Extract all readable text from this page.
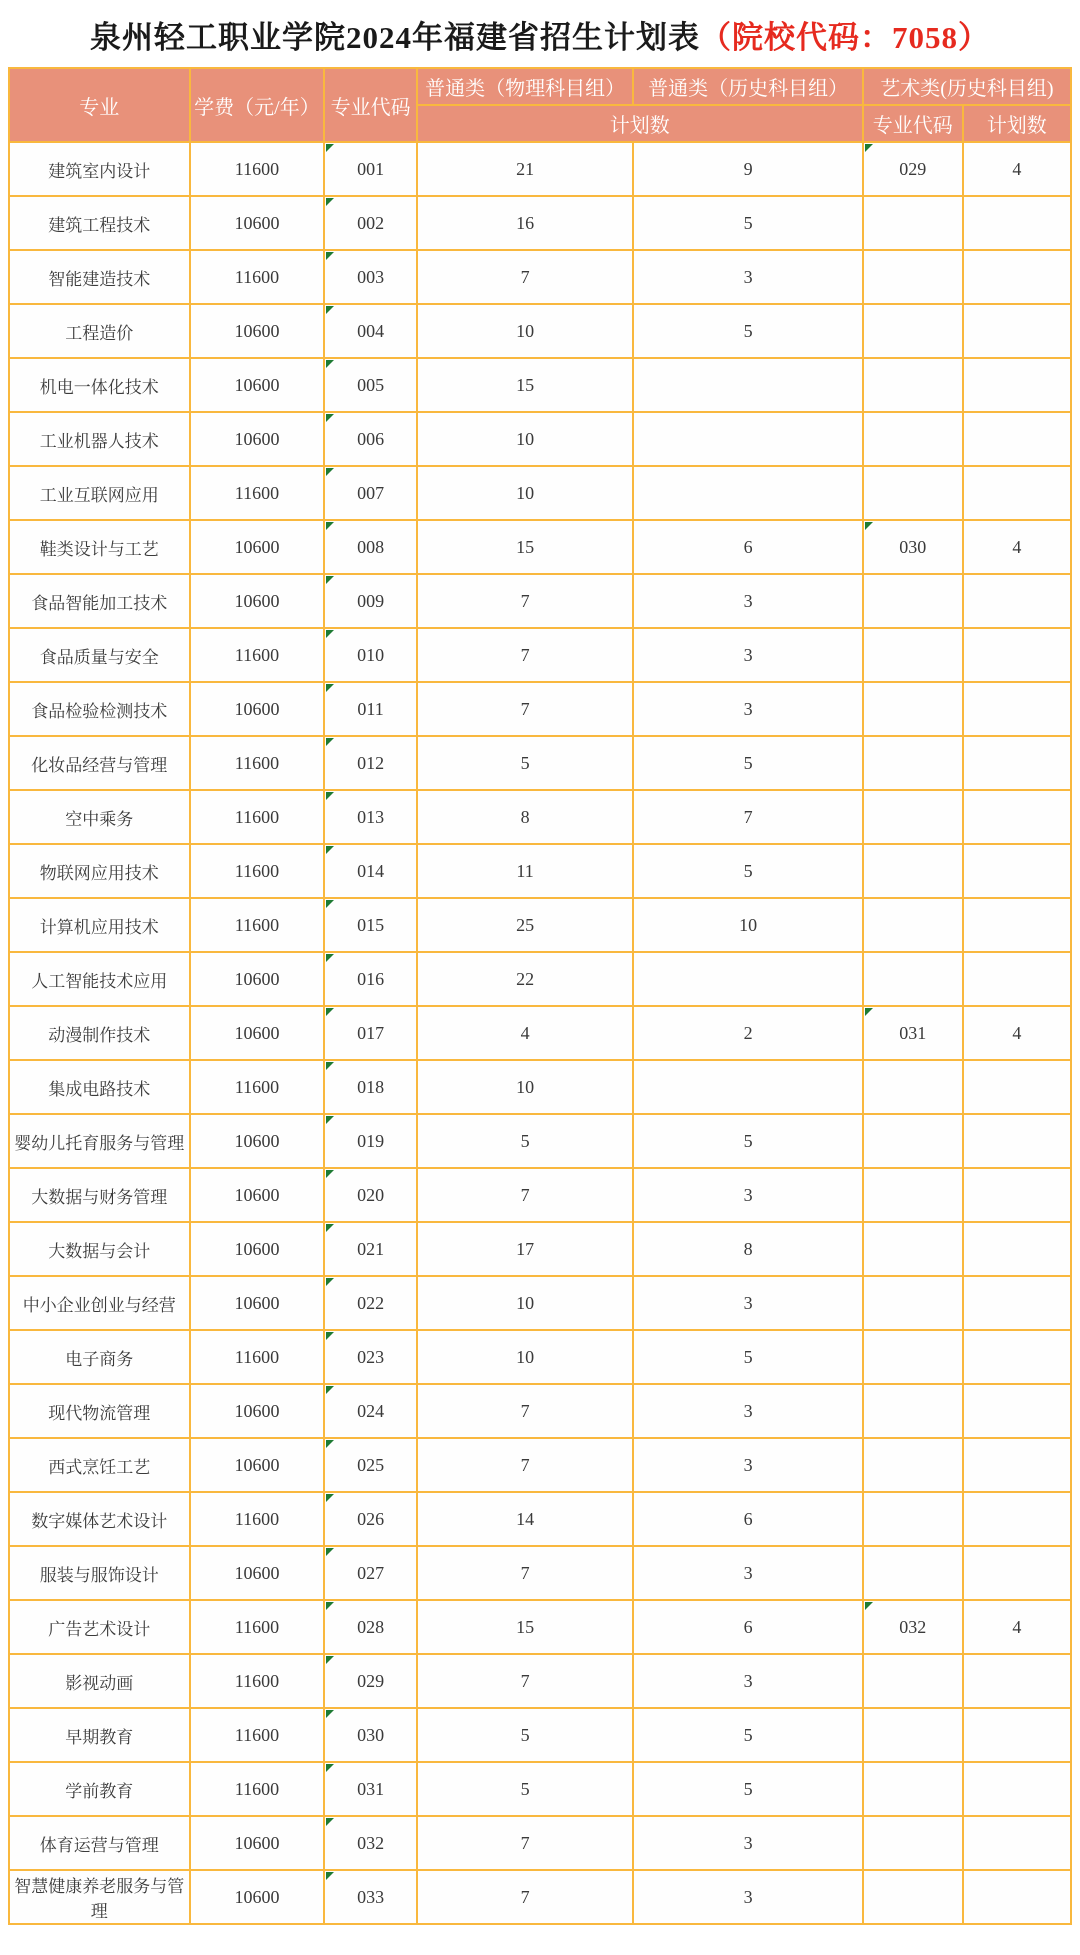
泉州轻工职业学院2024年福建省招生计划表（院校代码：7058）
专业	学费（元/年）	专业代码	普通类（物理科目组）	普通类（历史科目组）	艺术类(历史科目组)	
			计划数		专业代码	计划数
建筑室内设计	11600	001	21	9	029	4
建筑工程技术	10600	002	16	5		
智能建造技术	11600	003	7	3		
工程造价	10600	004	10	5		
机电一体化技术	10600	005	15			
工业机器人技术	10600	006	10			
工业互联网应用	11600	007	10			
鞋类设计与工艺	10600	008	15	6	030	4
食品智能加工技术	10600	009	7	3		
食品质量与安全	11600	010	7	3		
食品检验检测技术	10600	011	7	3		
化妆品经营与管理	11600	012	5	5		
空中乘务	11600	013	8	7		
物联网应用技术	11600	014	11	5		
计算机应用技术	11600	015	25	10		
人工智能技术应用	10600	016	22			
动漫制作技术	10600	017	4	2	031	4
集成电路技术	11600	018	10			
婴幼儿托育服务与管理	10600	019	5	5		
大数据与财务管理	10600	020	7	3		
大数据与会计	10600	021	17	8		
中小企业创业与经营	10600	022	10	3		
电子商务	11600	023	10	5		
现代物流管理	10600	024	7	3		
西式烹饪工艺	10600	025	7	3		
数字媒体艺术设计	11600	026	14	6		
服装与服饰设计	10600	027	7	3		
广告艺术设计	11600	028	15	6	032	4
影视动画	11600	029	7	3		
早期教育	11600	030	5	5		
学前教育	11600	031	5	5		
体育运营与管理	10600	032	7	3		
智慧健康养老服务与管理	10600	033	7	3		
